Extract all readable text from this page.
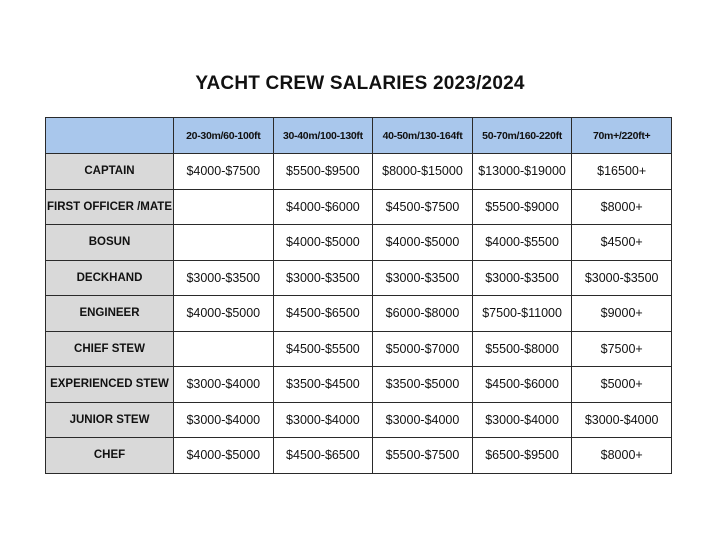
YACHT CREW SALARIES 2023/2024
	20-30m/60-100ft	30-40m/100-130ft	40-50m/130-164ft	50-70m/160-220ft	70m+/220ft+
CAPTAIN	$4000-$7500	$5500-$9500	$8000-$15000	$13000-$19000	$16500+
FIRST OFFICER /MATE		$4000-$6000	$4500-$7500	$5500-$9000	$8000+
BOSUN		$4000-$5000	$4000-$5000	$4000-$5500	$4500+
DECKHAND	$3000-$3500	$3000-$3500	$3000-$3500	$3000-$3500	$3000-$3500
ENGINEER	$4000-$5000	$4500-$6500	$6000-$8000	$7500-$11000	$9000+
CHIEF STEW		$4500-$5500	$5000-$7000	$5500-$8000	$7500+
EXPERIENCED STEW	$3000-$4000	$3500-$4500	$3500-$5000	$4500-$6000	$5000+
JUNIOR STEW	$3000-$4000	$3000-$4000	$3000-$4000	$3000-$4000	$3000-$4000
CHEF	$4000-$5000	$4500-$6500	$5500-$7500	$6500-$9500	$8000+
